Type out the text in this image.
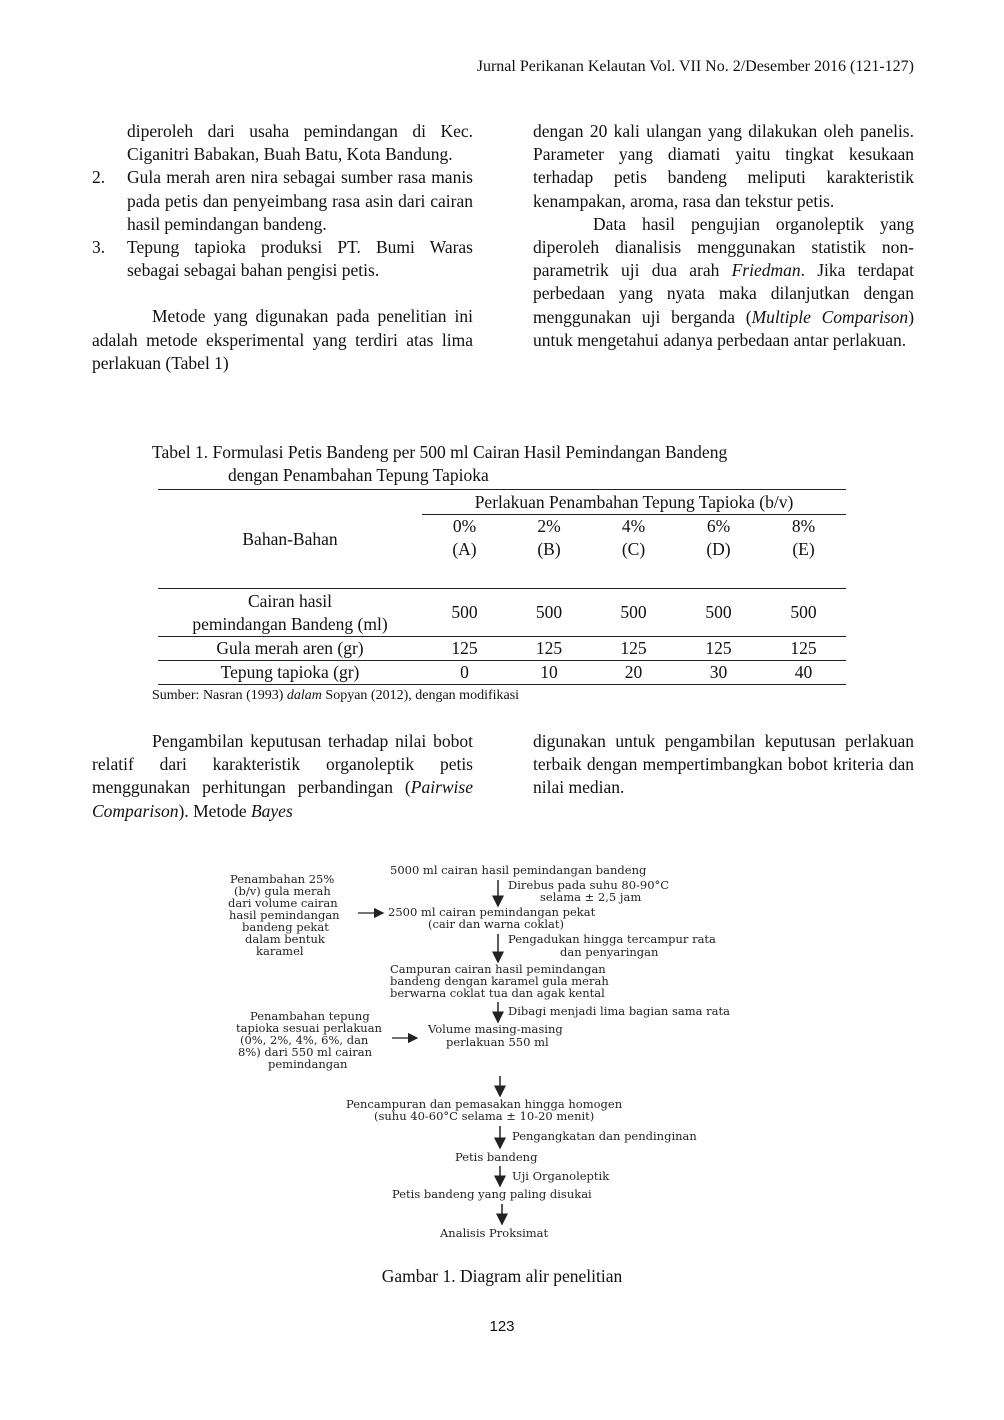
Jurnal Perikanan Kelautan Vol. VII No. 2/Desember 2016 (121-127)
diperoleh dari usaha pemindangan di Kec. Ciganitri Babakan, Buah Batu, Kota Bandung.
2. Gula merah aren nira sebagai sumber rasa manis pada petis dan penyeimbang rasa asin dari cairan hasil pemindangan bandeng.
3. Tepung tapioka produksi PT. Bumi Waras sebagai sebagai bahan pengisi petis.

Metode yang digunakan pada penelitian ini adalah metode eksperimental yang terdiri atas lima perlakuan (Tabel 1)

dengan 20 kali ulangan yang dilakukan oleh panelis. Parameter yang diamati yaitu tingkat kesukaan terhadap petis bandeng meliputi karakteristik kenampakan, aroma, rasa dan tekstur petis.

Data hasil pengujian organoleptik yang diperoleh dianalisis menggunakan statistik non-parametrik uji dua arah Friedman. Jika terdapat perbedaan yang nyata maka dilanjutkan dengan menggunakan uji berganda (Multiple Comparison) untuk mengetahui adanya perbedaan antar perlakuan.

Tabel 1. Formulasi Petis Bandeng per 500 ml Cairan Hasil Pemindangan Bandeng
dengan Penambahan Tepung Tapioka
Bahan-Bahan	Perlakuan Penambahan Tepung Tapioka (b/v)				
	0%	2%	4%	6%	8%
	(A)	(B)	(C)	(D)	(E)

Cairan hasil
pemindangan Bandeng (ml)	500	500	500	500	500
Gula merah aren (gr)	125	125	125	125	125
Tepung tapioka (gr)	0	10	20	30	40
Sumber: Nasran (1993) dalam Sopyan (2012), dengan modifikasi

Pengambilan keputusan terhadap nilai bobot relatif dari karakteristik organoleptik petis menggunakan perhitungan perbandingan (Pairwise Comparison). Metode Bayes

digunakan untuk pengambilan keputusan perlakuan terbaik dengan mempertimbangkan bobot kriteria dan nilai median.

5000 ml cairan hasil pemindangan bandeng
Direbus pada suhu 80-90°C
selama ± 2,5 jam
2500 ml cairan pemindangan pekat
(cair dan warna coklat)
Penambahan 25%
(b/v) gula merah
dari volume cairan
hasil pemindangan
bandeng pekat
dalam bentuk
karamel
Pengadukan hingga tercampur rata
dan penyaringan
Campuran cairan hasil pemindangan
bandeng dengan karamel gula merah
berwarna coklat tua dan agak kental
Dibagi menjadi lima bagian sama rata
Volume masing-masing
perlakuan 550 ml
Penambahan tepung
tapioka sesuai perlakuan
(0%, 2%, 4%, 6%, dan
8%) dari 550 ml cairan
pemindangan
Pencampuran dan pemasakan hingga homogen
(suhu 40-60°C selama ± 10-20 menit)
Pengangkatan dan pendinginan
Petis bandeng
Uji Organoleptik
Petis bandeng yang paling disukai
Analisis Proksimat
Gambar 1. Diagram alir penelitian
123
